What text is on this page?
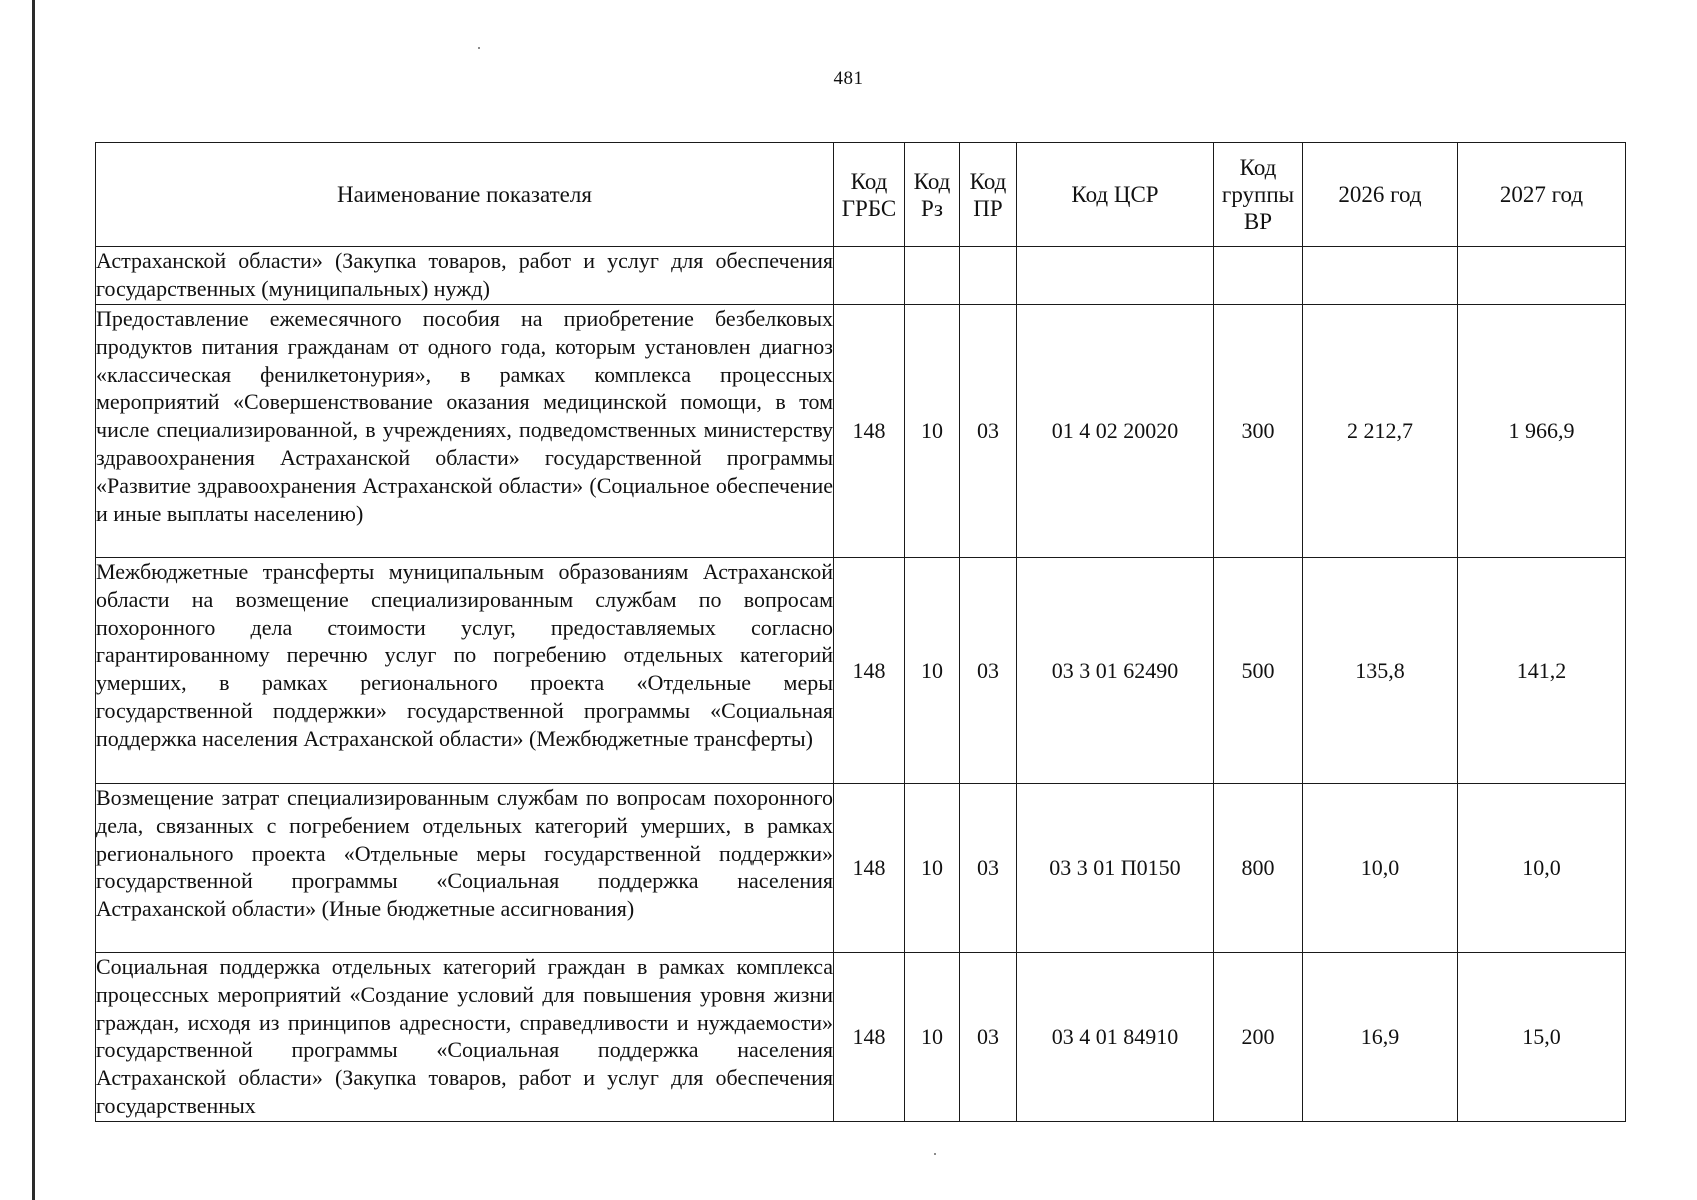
481
Наименование показателя	Код ГРБС	Код Рз	Код ПР	Код ЦСР	Код группы ВР	2026 год	2027 год
Астраханской области» (Закупка товаров, работ и услуг для обеспечения государственных (муниципальных) нужд)							
Предоставление ежемесячного пособия на приобретение безбелковых продуктов питания гражданам от одного года, которым установлен диагноз «классическая фенилкетонурия», в рамках комплекса процессных мероприятий «Совершенствование оказания медицинской помощи, в том числе специализированной, в учреждениях, подведомственных министерству здравоохранения Астраханской области» государственной программы «Развитие здравоохранения Астраханской области» (Социальное обеспечение и иные выплаты населению)	148	10	03	01 4 02 20020	300	2 212,7	1 966,9
Межбюджетные трансферты муниципальным образованиям Астраханской области на возмещение специализированным службам по вопросам похоронного дела стоимости услуг, предоставляемых согласно гарантированному перечню услуг по погребению отдельных категорий умерших, в рамках регионального проекта «Отдельные меры государственной поддержки» государственной программы «Социальная поддержка населения Астраханской области» (Межбюджетные трансферты)	148	10	03	03 3 01 62490	500	135,8	141,2
Возмещение затрат специализированным службам по вопросам похоронного дела, связанных с погребением отдельных категорий умерших, в рамках регионального проекта «Отдельные меры государственной поддержки» государственной программы «Социальная поддержка населения Астраханской области» (Иные бюджетные ассигнования)	148	10	03	03 3 01 П0150	800	10,0	10,0
Социальная поддержка отдельных категорий граждан в рамках комплекса процессных мероприятий «Создание условий для повышения уровня жизни граждан, исходя из принципов адресности, справедливости и нуждаемости» государственной программы «Социальная поддержка населения Астраханской области» (Закупка товаров, работ и услуг для обеспечения государственных	148	10	03	03 4 01 84910	200	16,9	15,0
